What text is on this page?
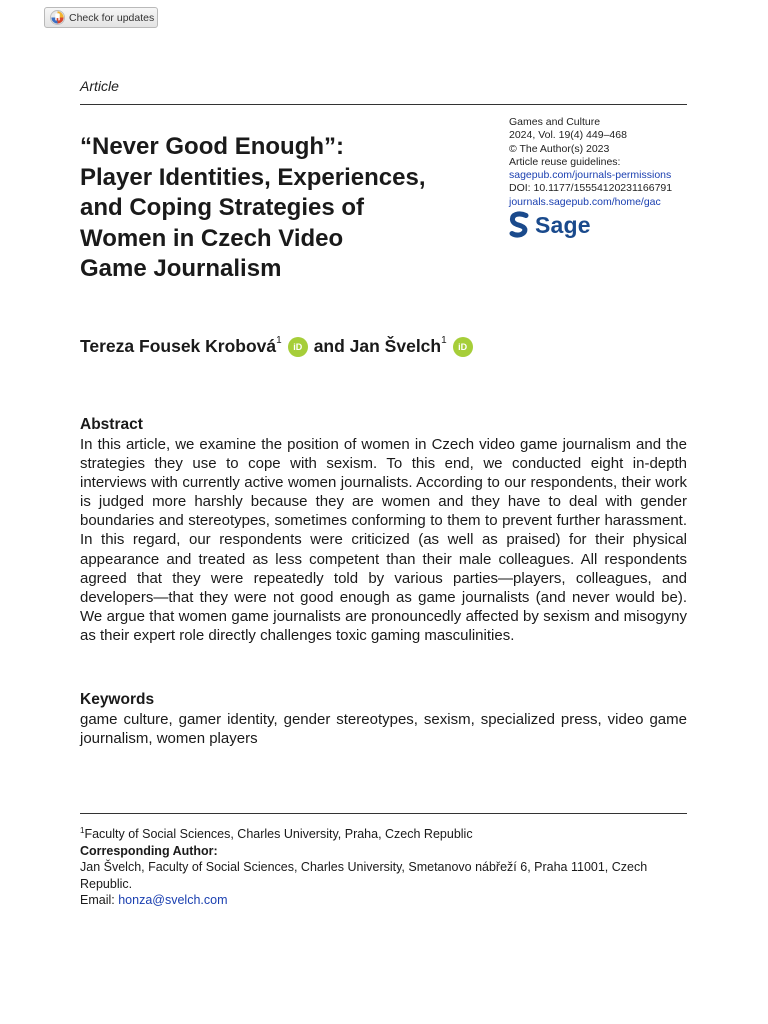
Check for updates
Article
“Never Good Enough”:
Player Identities, Experiences,
and Coping Strategies of
Women in Czech Video
Game Journalism
Games and Culture
2024, Vol. 19(4) 449–468
© The Author(s) 2023
Article reuse guidelines:
sagepub.com/journals-permissions
DOI: 10.1177/15554120231166791
journals.sagepub.com/home/gac
Sage
Tereza Fousek Krobová$^1$
iD and Jan Švelch$^1$
iD
Abstract
In this article, we examine the position of women in Czech video game journalism and the strategies they use to cope with sexism. To this end, we conducted eight in-depth interviews with currently active women journalists. According to our respondents, their work is judged more harshly because they are women and they have to deal with gender boundaries and stereotypes, sometimes conforming to them to prevent further harassment. In this regard, our respondents were criticized (as well as praised) for their physical appearance and treated as less competent than their male colleagues. All respondents agreed that they were repeatedly told by various parties—players, colleagues, and developers—that they were not good enough as game journalists (and never would be). We argue that women game journalists are pronouncedly affected by sexism and misogyny as their expert role directly challenges toxic gaming masculinities.
Keywords
game culture, gamer identity, gender stereotypes, sexism, specialized press, video game journalism, women players
$^1$Faculty of Social Sciences, Charles University, Praha, Czech Republic
Corresponding Author:
Jan Švelch, Faculty of Social Sciences, Charles University, Smetanovo nábřeží 6, Praha 11001, Czech Republic.
Email: honza@svelch.com
